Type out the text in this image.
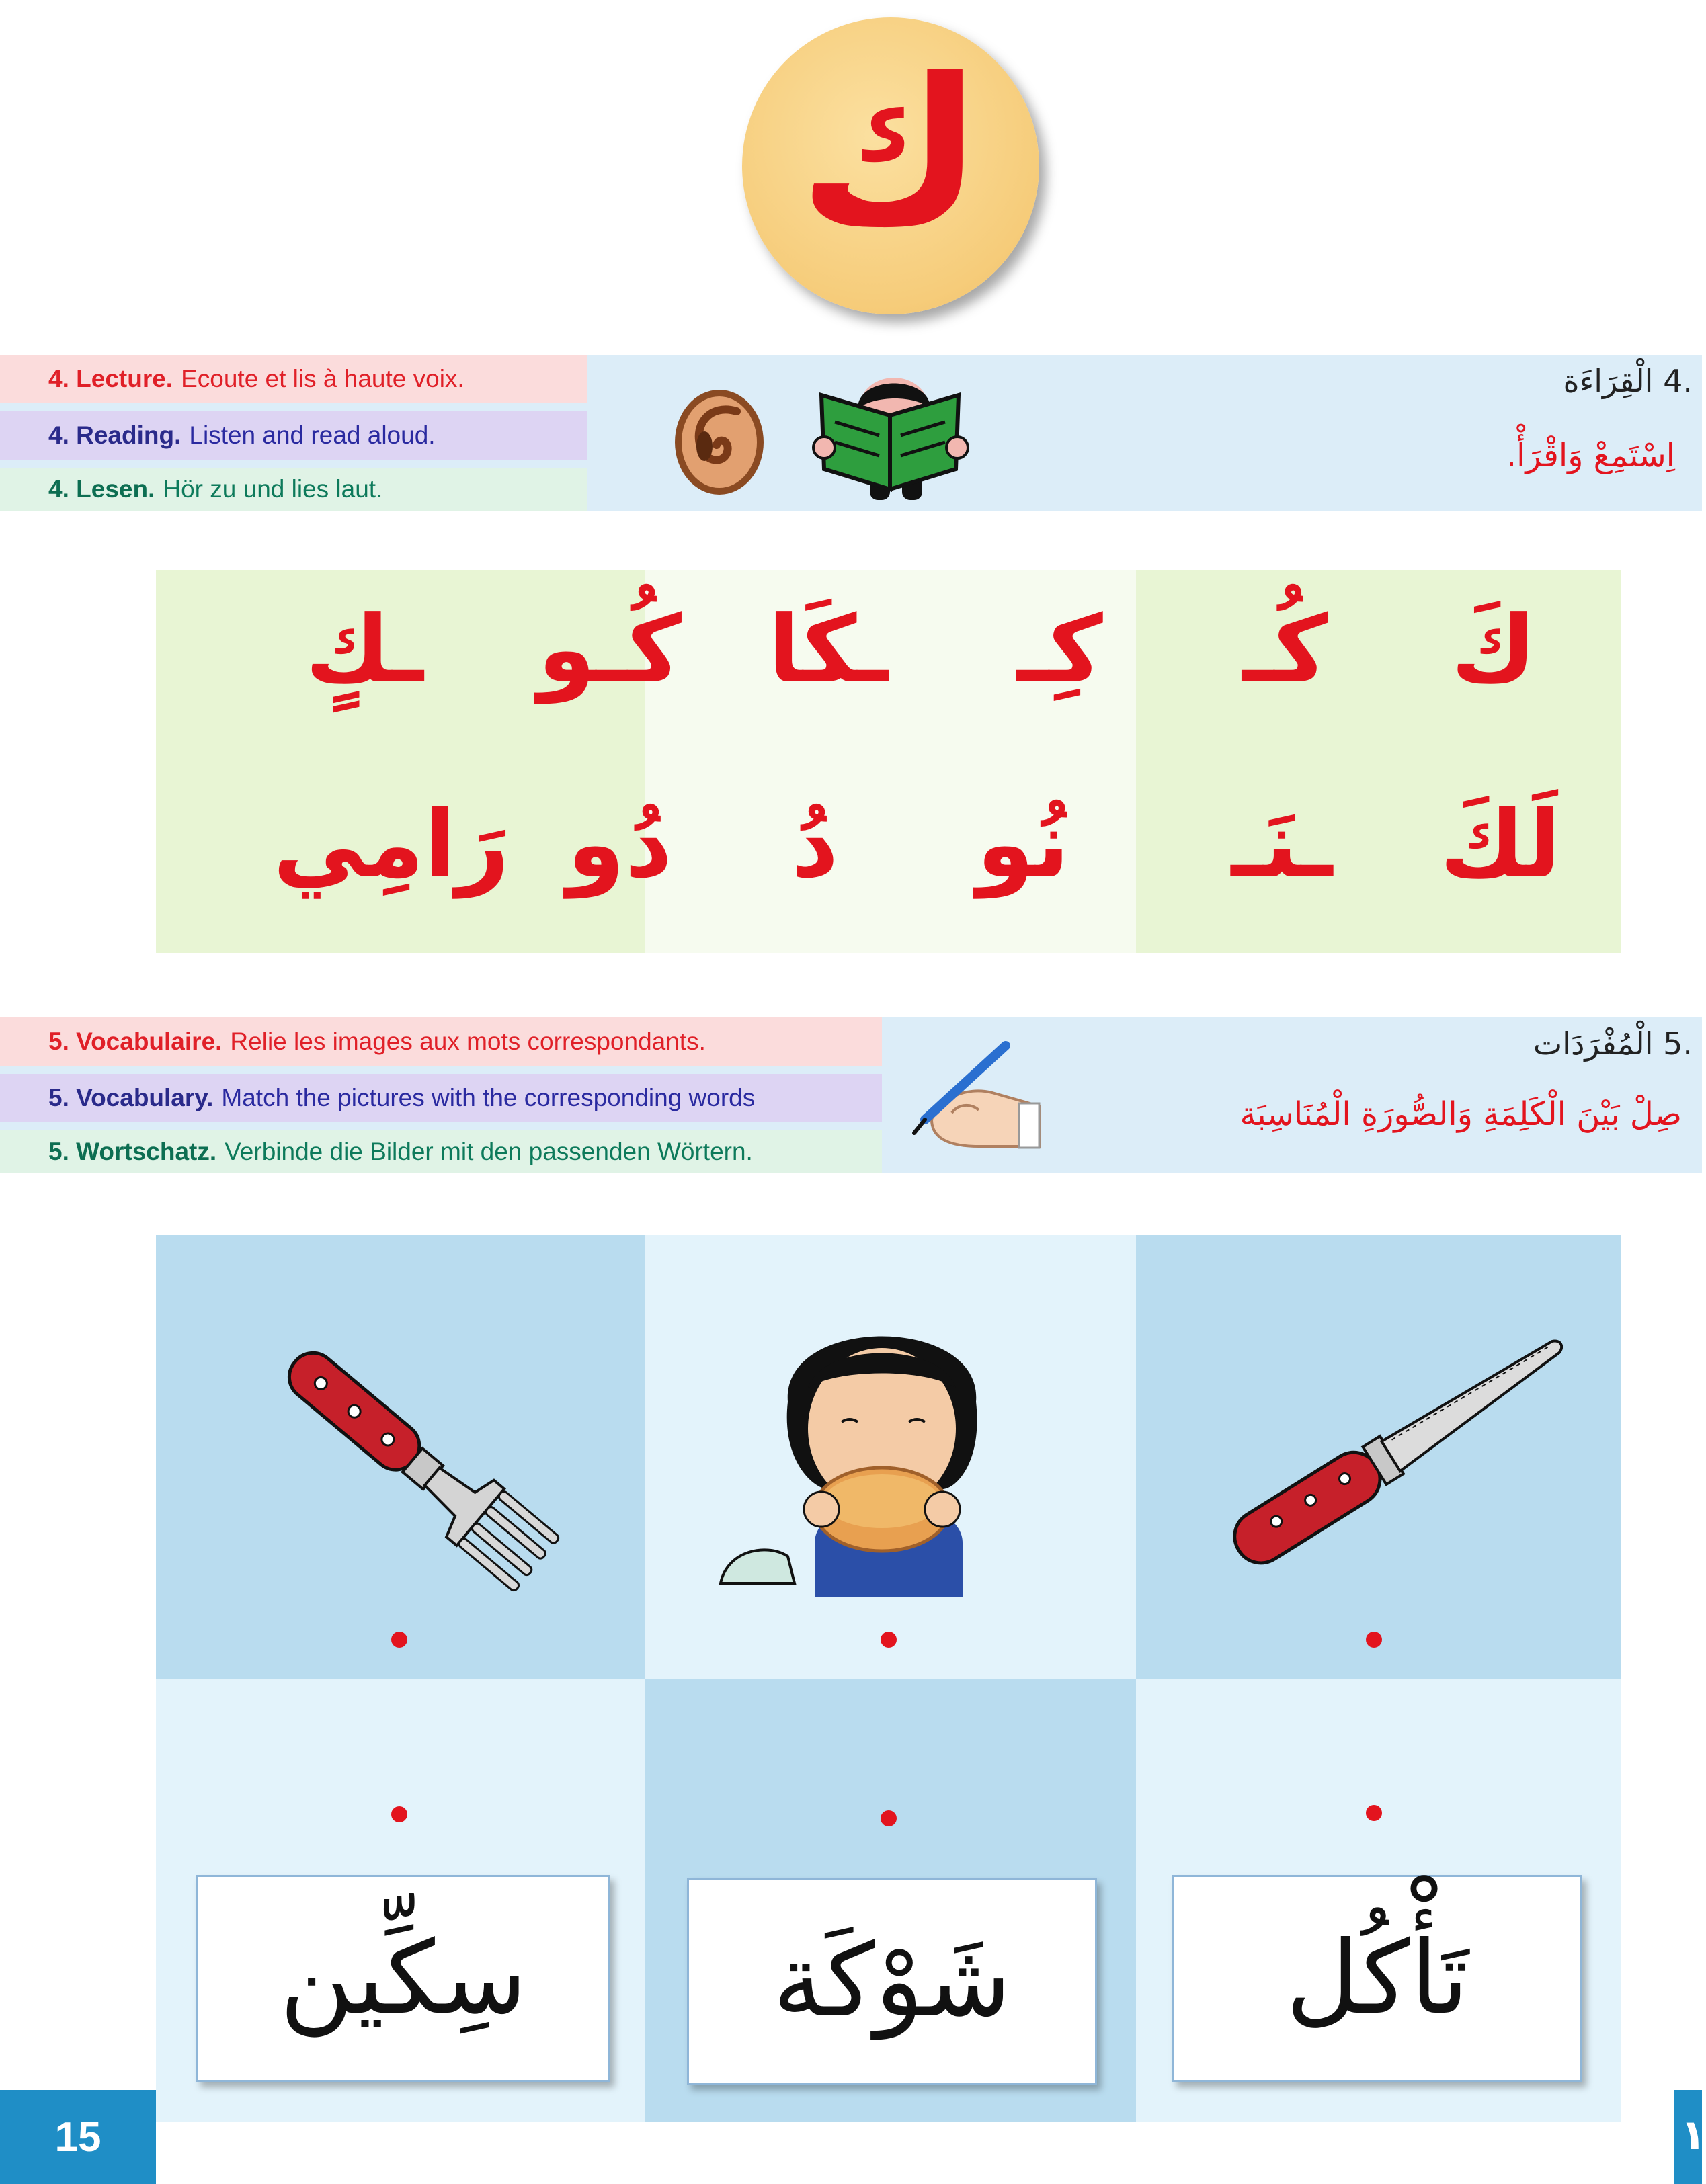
ك
4. Lecture. Ecoute et lis à haute voix.
4. Reading. Listen and read aloud.
4. Lesen. Hör zu und lies laut.
.4 الْقِرَاءَة
اِسْتَمِعْ وَاقْرَأْ.
كَ
كُـ
كِـ
ـكَا
كُـو
ـكٍ
لَكَ
ـنَـ
نُو
دُ
دُو
رَامِي
5. Vocabulaire. Relie les images aux mots correspondants.
5. Vocabulary. Match the pictures with the corresponding words
5. Wortschatz. Verbinde die Bilder mit den passenden Wörtern.
.5 الْمُفْرَدَات
صِلْ بَيْنَ الْكَلِمَةِ وَالصُّورَةِ الْمُنَاسِبَة
سِكِّين شَوْكَة	تَأْكُل
15	١
